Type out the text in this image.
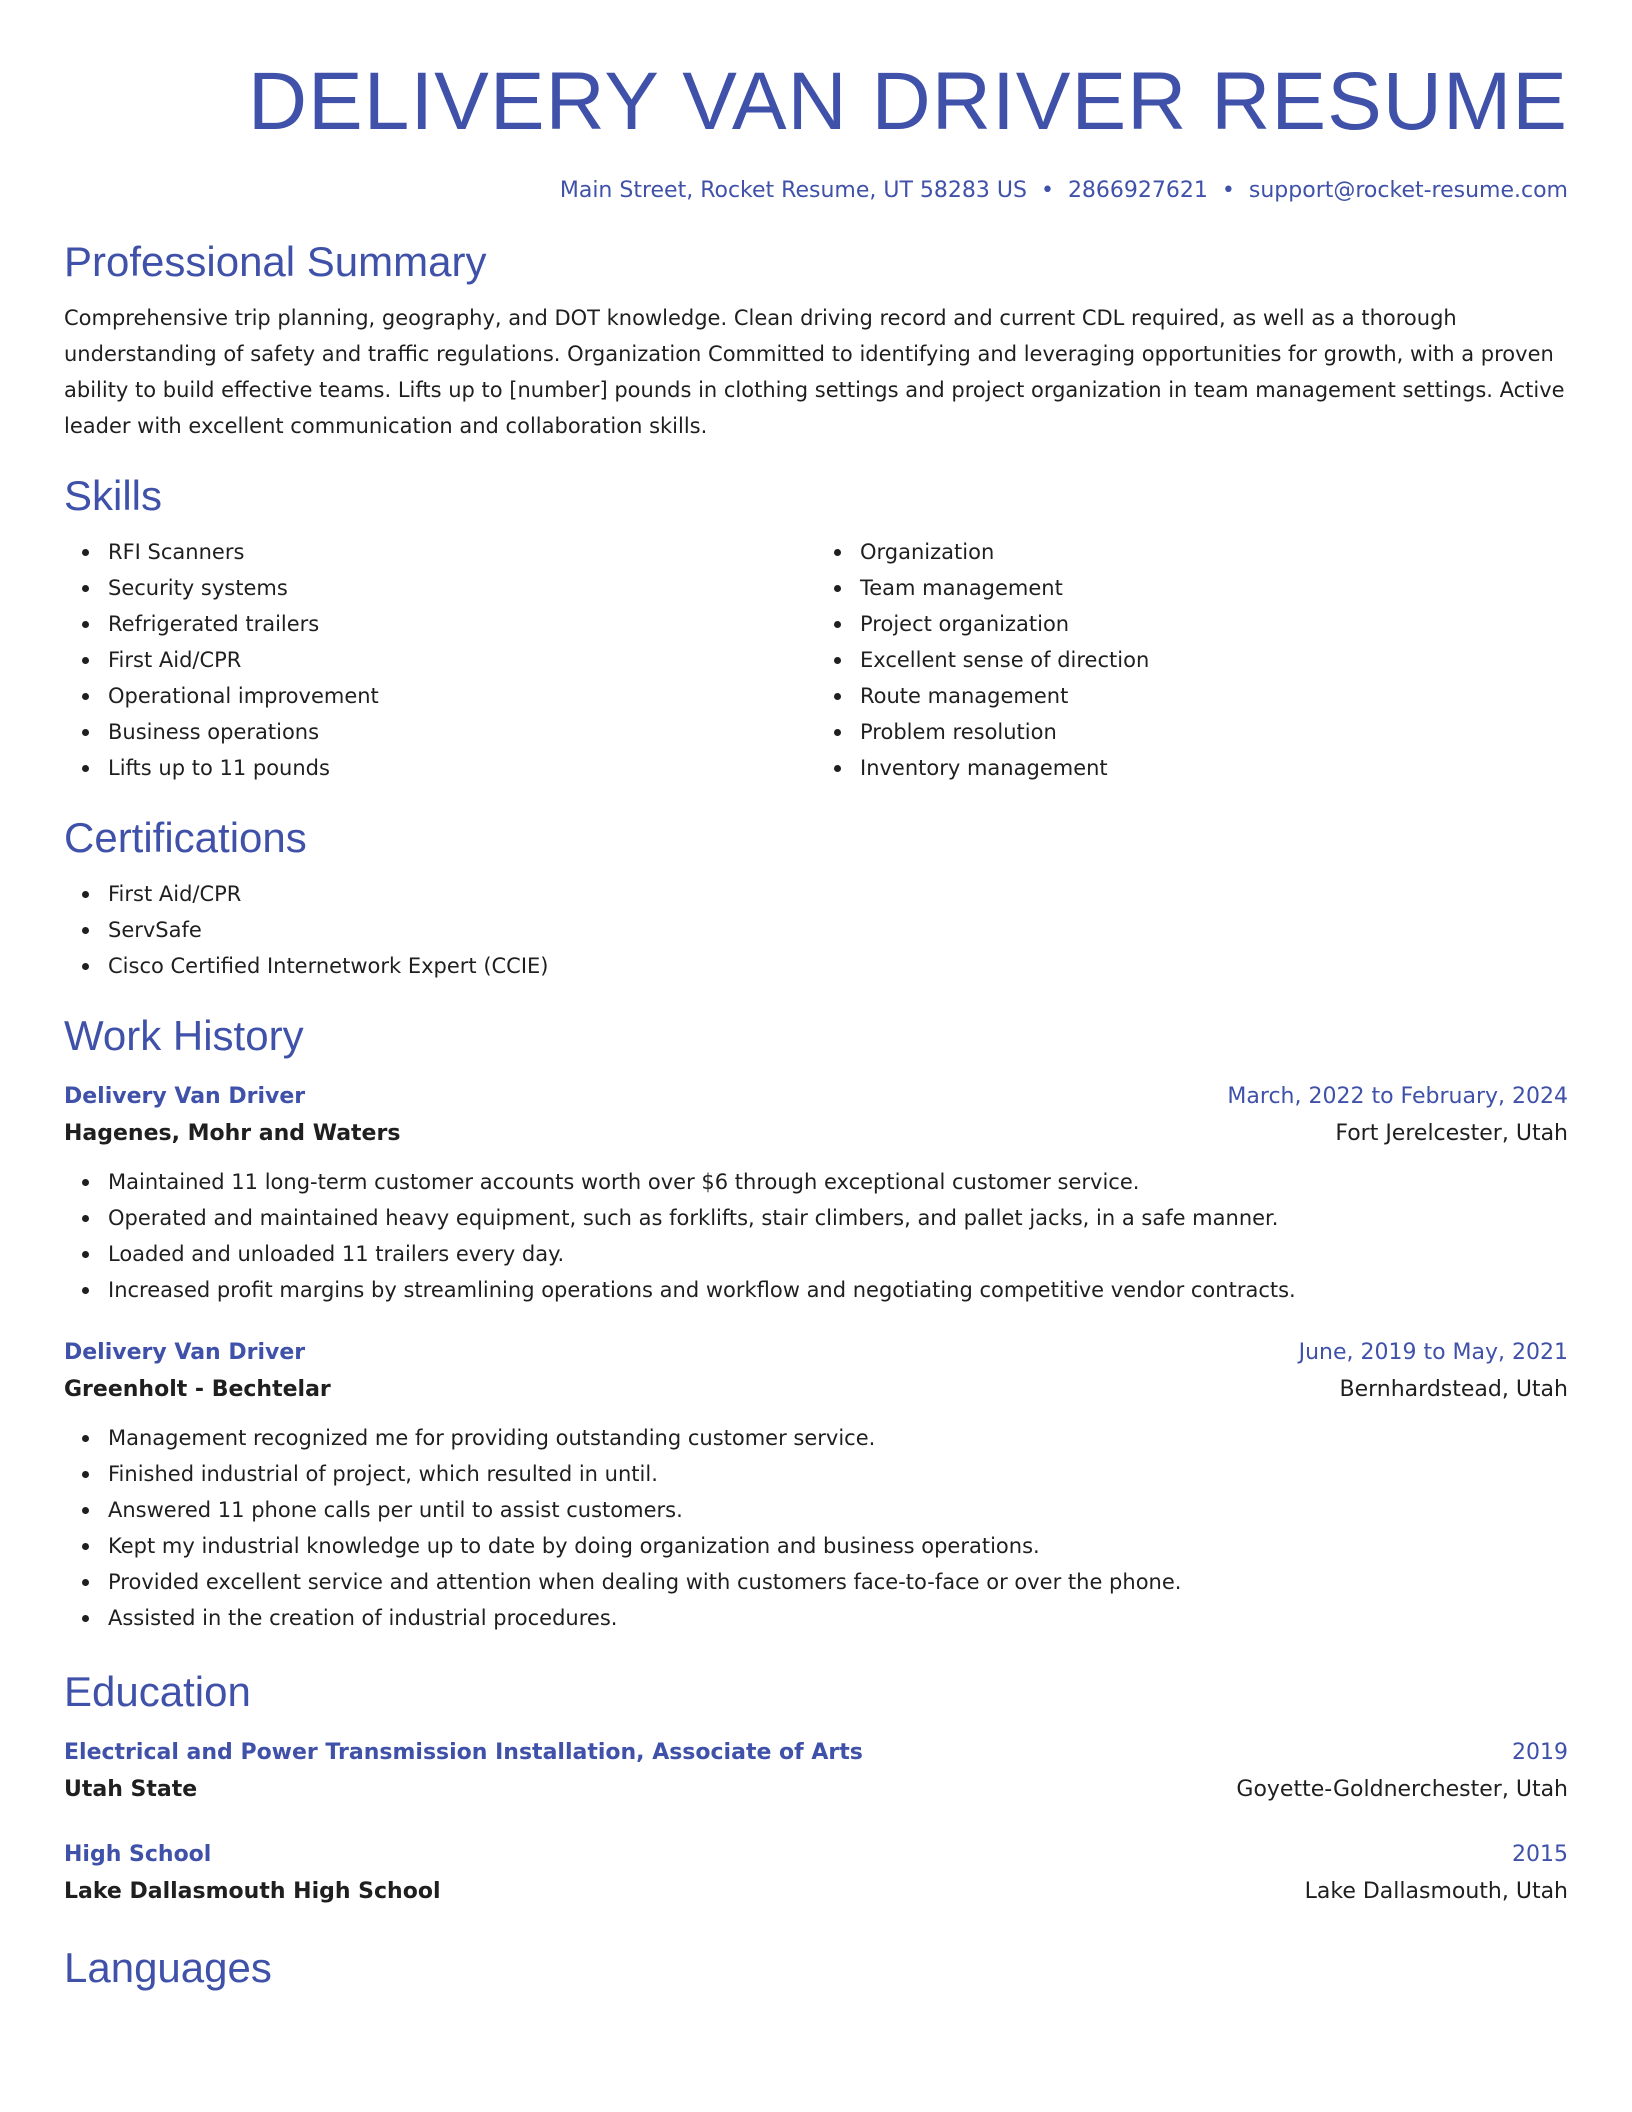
DELIVERY VAN DRIVER RESUME
Main Street, Rocket Resume, UT 58283 US • 2866927621 • support@rocket-resume.com
Professional Summary

Comprehensive trip planning, geography, and DOT knowledge. Clean driving record and current CDL required, as well as a thorough understanding of safety and traffic regulations. Organization Committed to identifying and leveraging opportunities for growth, with a proven ability to build effective teams. Lifts up to [number] pounds in clothing settings and project organization in team management settings. Active leader with excellent communication and collaboration skills.

Skills
RFI Scanners
Security systems
Refrigerated trailers
First Aid/CPR
Operational improvement
Business operations
Lifts up to 11 pounds
Organization
Team management
Project organization
Excellent sense of direction
Route management
Problem resolution
Inventory management
Certifications
First Aid/CPR
ServSafe
Cisco Certified Internetwork Expert (CCIE)
Work History
Delivery Van Driver	March, 2022 to February, 2024
Hagenes, Mohr and Waters	Fort Jerelcester, Utah
Maintained 11 long-term customer accounts worth over $6 through exceptional customer service.
Operated and maintained heavy equipment, such as forklifts, stair climbers, and pallet jacks, in a safe manner.
Loaded and unloaded 11 trailers every day.
Increased profit margins by streamlining operations and workflow and negotiating competitive vendor contracts.
Delivery Van Driver	June, 2019 to May, 2021
Greenholt - Bechtelar	Bernhardstead, Utah
Management recognized me for providing outstanding customer service.
Finished industrial of project, which resulted in until.
Answered 11 phone calls per until to assist customers.
Kept my industrial knowledge up to date by doing organization and business operations.
Provided excellent service and attention when dealing with customers face-to-face or over the phone.
Assisted in the creation of industrial procedures.
Education
Electrical and Power Transmission Installation, Associate of Arts	2019
Utah State	Goyette-Goldnerchester, Utah
High School	2015
Lake Dallasmouth High School	Lake Dallasmouth, Utah
Languages
